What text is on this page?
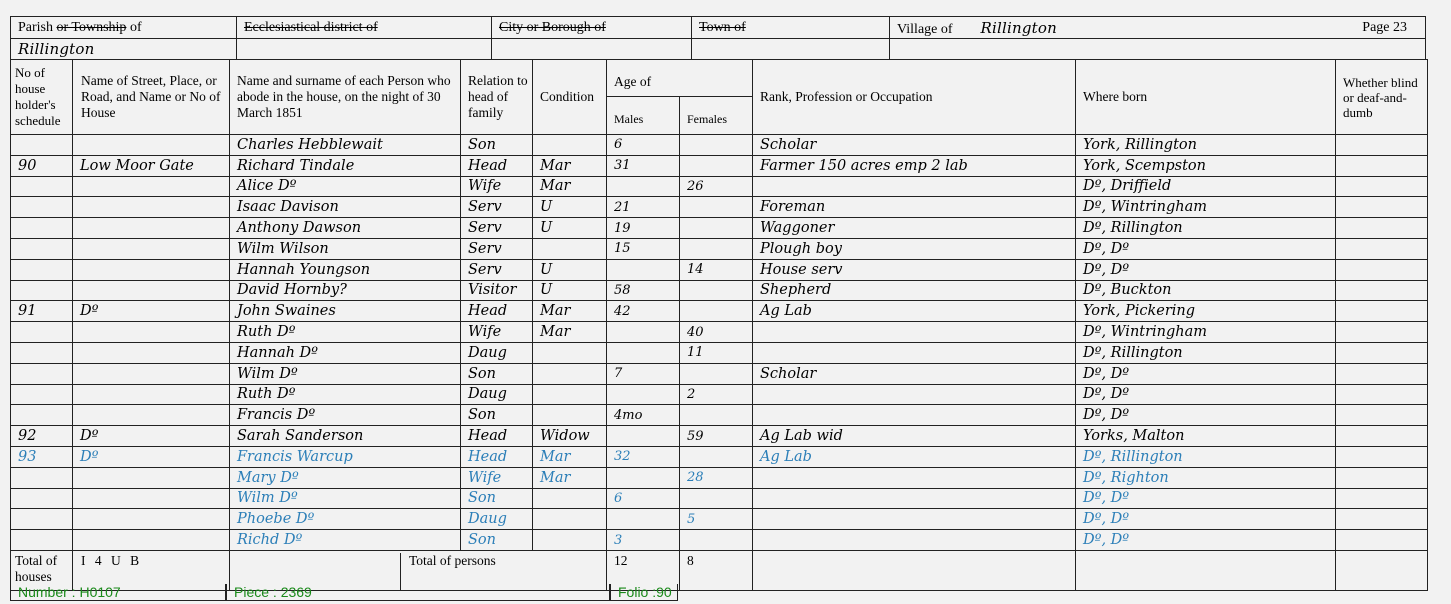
Parish or Township of	Ecclesiastical district of	City or Borough of	Town of	Village of Rillington	Page 23
Rillington
No of house holder's schedule	Name of Street, Place, or Road, and Name or No of House	Name and surname of each Person who abode in the house, on the night of 30 March 1851	Relation to head of family	Condition	Age of		Rank, Profession or Occupation	Where born	Whether blind or deaf-and-dumb
					Males	Females			
		Charles Hebblewait	Son		6		Scholar	York, Rillington	
90	Low Moor Gate	Richard Tindale	Head	Mar	31		Farmer 150 acres emp 2 lab	York, Scempston	
		Alice Dº	Wife	Mar		26		Dº, Driffield	
		Isaac Davison	Serv	U	21		Foreman	Dº, Wintringham	
		Anthony Dawson	Serv	U	19		Waggoner	Dº, Rillington	
		Wilm Wilson	Serv		15		Plough boy	Dº, Dº	
		Hannah Youngson	Serv	U		14	House serv	Dº, Dº	
		David Hornby?	Visitor	U	58		Shepherd	Dº, Buckton	
91	Dº	John Swaines	Head	Mar	42		Ag Lab	York, Pickering	
		Ruth Dº	Wife	Mar		40		Dº, Wintringham	
		Hannah Dº	Daug			11		Dº, Rillington	
		Wilm Dº	Son		7		Scholar	Dº, Dº	
		Ruth Dº	Daug			2		Dº, Dº	
		Francis Dº	Son		4mo			Dº, Dº	
92	Dº	Sarah Sanderson	Head	Widow		59	Ag Lab wid	Yorks, Malton	
93	Dº	Francis Warcup	Head	Mar	32		Ag Lab	Dº, Rillington	
		Mary Dº	Wife	Mar		28		Dº, Righton	
		Wilm Dº	Son		6			Dº, Dº	
		Phoebe Dº	Daug			5		Dº, Dº	
		Richd Dº	Son		3			Dº, Dº	
Total of houses	I 4 U B	Total of persons			12	8			
Number : H0107	Piece : 2369	Folio :90
